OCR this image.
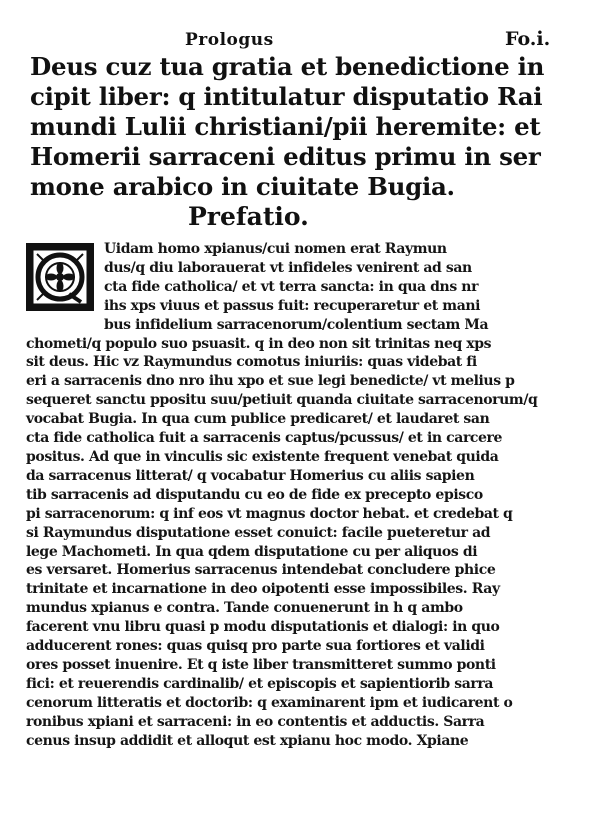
Prologus	Fo.i.
Deus cuz tua gratia et benedictione in
cipit liber: q intitulatur disputatio Rai
mundi Lulii christiani/pii heremite: et
Homerii sarraceni editus primu in ser
mone arabico in ciuitate Bugia.
Prefatio.
Uidam homo xpianus/cui nomen erat Raymun
dus/q diu laborauerat vt infideles venirent ad san
cta fide catholica/ et vt terra sancta: in qua dns nr
ihs xps viuus et passus fuit: recuperaretur et mani
bus infidelium sarracenorum/colentium sectam Ma
chometi/q populo suo psuasit. q in deo non sit trinitas neq xps
sit deus. Hic vz Raymundus comotus iniuriis: quas videbat fi
eri a sarracenis dno nro ihu xpo et sue legi benedicte/ vt melius p
sequeret sanctu ppositu suu/petiuit quanda ciuitate sarracenorum/q
vocabat Bugia. In qua cum publice predicaret/ et laudaret san
cta fide catholica fuit a sarracenis captus/pcussus/ et in carcere
positus. Ad que in vinculis sic existente frequent venebat quida
da sarracenus litterat/ q vocabatur Homerius cu aliis sapien
tib sarracenis ad disputandu cu eo de fide ex precepto episco
pi sarracenorum: q inf eos vt magnus doctor hebat. et credebat q
si Raymundus disputatione esset conuict: facile pueteretur ad
lege Machometi. In qua qdem disputatione cu per aliquos di
es versaret. Homerius sarracenus intendebat concludere phice
trinitate et incarnatione in deo oipotenti esse impossibiles. Ray
mundus xpianus e contra. Tande conuenerunt in h q ambo
facerent vnu libru quasi p modu disputationis et dialogi: in quo
adducerent rones: quas quisq pro parte sua fortiores et validi
ores posset inuenire. Et q iste liber transmitteret summo ponti
fici: et reuerendis cardinalib/ et episcopis et sapientiorib sarra
cenorum litteratis et doctorib: q examinarent ipm et iudicarent o
ronibus xpiani et sarraceni: in eo contentis et adductis. Sarra
cenus insup addidit et alloqut est xpianu hoc modo. Xpiane
